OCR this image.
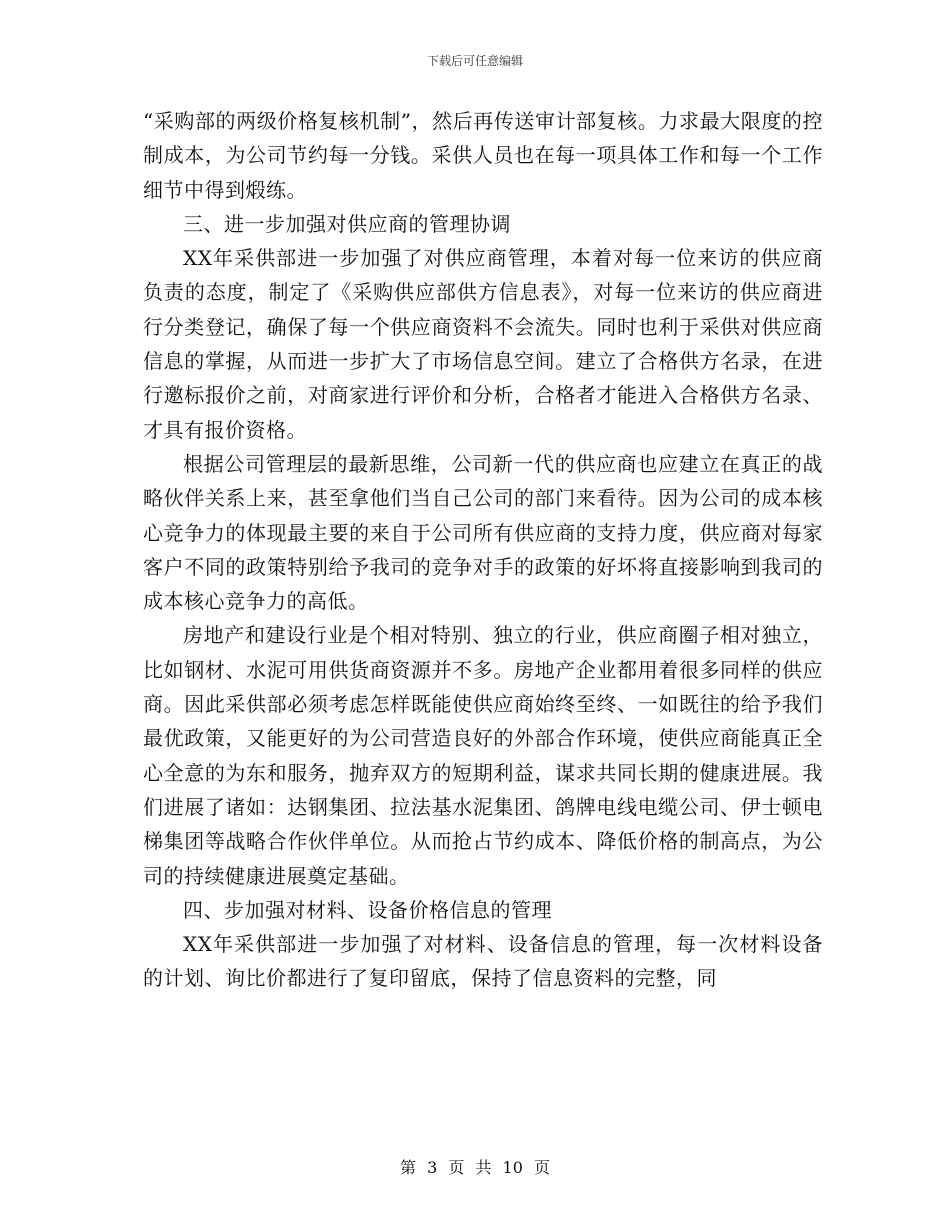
下载后可任意编辑

“采购部的两级价格复核机制”，然后再传送审计部复核。力求最大限度的控制成本，为公司节约每一分钱。采供人员也在每一项具体工作和每一个工作细节中得到煅练。

三、进一步加强对供应商的管理协调

XX年采供部进一步加强了对供应商管理，本着对每一位来访的供应商负责的态度，制定了《采购供应部供方信息表》，对每一位来访的供应商进行分类登记，确保了每一个供应商资料不会流失。同时也利于采供对供应商信息的掌握，从而进一步扩大了市场信息空间。建立了合格供方名录，在进行邀标报价之前，对商家进行评价和分析，合格者才能进入合格供方名录、才具有报价资格。

根据公司管理层的最新思维，公司新一代的供应商也应建立在真正的战略伙伴关系上来，甚至拿他们当自己公司的部门来看待。因为公司的成本核心竞争力的体现最主要的来自于公司所有供应商的支持力度，供应商对每家客户不同的政策特别给予我司的竞争对手的政策的好坏将直接影响到我司的成本核心竞争力的高低。

房地产和建设行业是个相对特别、独立的行业，供应商圈子相对独立，比如钢材、水泥可用供货商资源并不多。房地产企业都用着很多同样的供应商。因此采供部必须考虑怎样既能使供应商始终至终、一如既往的给予我们最优政策，又能更好的为公司营造良好的外部合作环境，使供应商能真正全心全意的为东和服务，抛弃双方的短期利益，谋求共同长期的健康进展。我们进展了诸如：达钢集团、拉法基水泥集团、鸽牌电线电缆公司、伊士顿电梯集团等战略合作伙伴单位。从而抢占节约成本、降低价格的制高点，为公司的持续健康进展奠定基础。

四、步加强对材料、设备价格信息的管理

XX年采供部进一步加强了对材料、设备信息的管理，每一次材料设备的计划、询比价都进行了复印留底，保持了信息资料的完整，同

第 3 页 共 10 页
